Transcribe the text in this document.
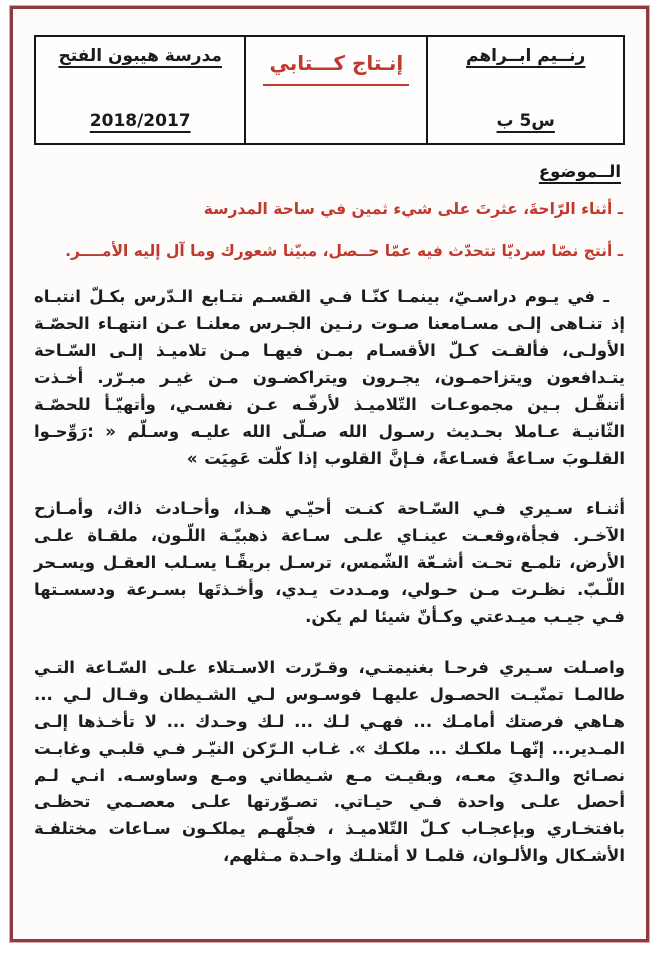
رنــيم ابــراهم
س5 ب
إنـتاج كـــتابي
مدرسة هيبون الفتح
2018/2017
الــموضوع
ـ أثناء الرّاحةَ، عثرتَ على شيء ثمين في ساحة المدرسة
ـ أنتج نصّا سرديّا تتحدّث فيه عمّا حــصل، مبيّنا شعورك وما آل إليه الأمــــر.

ـ في يـوم دراسـيّ، بينمـا كنّـا فـي القسـم نتـابع الـدّرس بكـلّ انتبـاه إذ تنـاهى إلـى مسـامعنا صـوت رنـين الجـرس معلنـا عـن انتهـاء الحصّـة الأولـى، فألقـت كـلّ الأقسـام بمـن فيهـا مـن تلاميـذ إلـى السّـاحة يتـدافعون ويتزاحمـون، يجـرون ويتراكضـون مـن غيـر مبـرّر. أخـذت أتنقّـل بـين مجموعـات التّلاميـذ لأرفّـه عـن نفسـي، وأتهيّـأ للحصّـة الثّانيـة عـاملا بحـديث رسـول الله صـلّى الله عليـه وسـلّم « :رَوِّحـوا القلـوبَ سـاعةً فسـاعةً، فـإنَّ القلوب إذا كلّت عَمِيَت »

أثنـاء سـيري فـي السّـاحة كنـت أحيّـي هـذا، وأحـادث ذاك، وأمـازح الآخـر. فجأة،وقعـت عينـاي علـى سـاعة ذهبيّـة اللّـون، ملقـاة علـى الأرض، تلمـع تحـت أشـعّة الشّمس، ترسـل بريقًـا يسـلب العقـل ويسـحر اللّـبّ. نظـرت مـن حـولي، ومـددت يـدي، وأخـذتَها بسـرعة ودسسـتها فـي جيـب ميـدعتي وكـأنّ شيئا لم يكن.

واصـلت سـيري فرحـا بغنيمتـي، وقـرّرت الاسـتلاء علـى السّـاعة التـي طالمـا تمنّيـت الحصـول عليهـا فوسـوس لـي الشـيطان وقـال لـي ... هـاهي فرصتك أمامـك ... فهـي لـك ... لـك وحـدك ... لا تأخـذها إلـى المـدير... إنّهـا ملكـك ... ملكـك ». غـاب الـرّكن النيّـر فـي قلبـي وغابـت نصـائح والـديَ معـه، وبقيـت مـع شـيطاني ومـع وساوسـه. انـي لـم أحصل علـى واحدة فـي حيـاتي. تصـوّرتها علـى معصـمي تحظـى بافتخـاري وبإعجـاب كـلّ التّلاميـذ ، فجلّهـم يملكـون سـاعات مختلفـة الأشـكال والألـوان، قلمـا لا أمتلـك واحـدة مـثلهم،
